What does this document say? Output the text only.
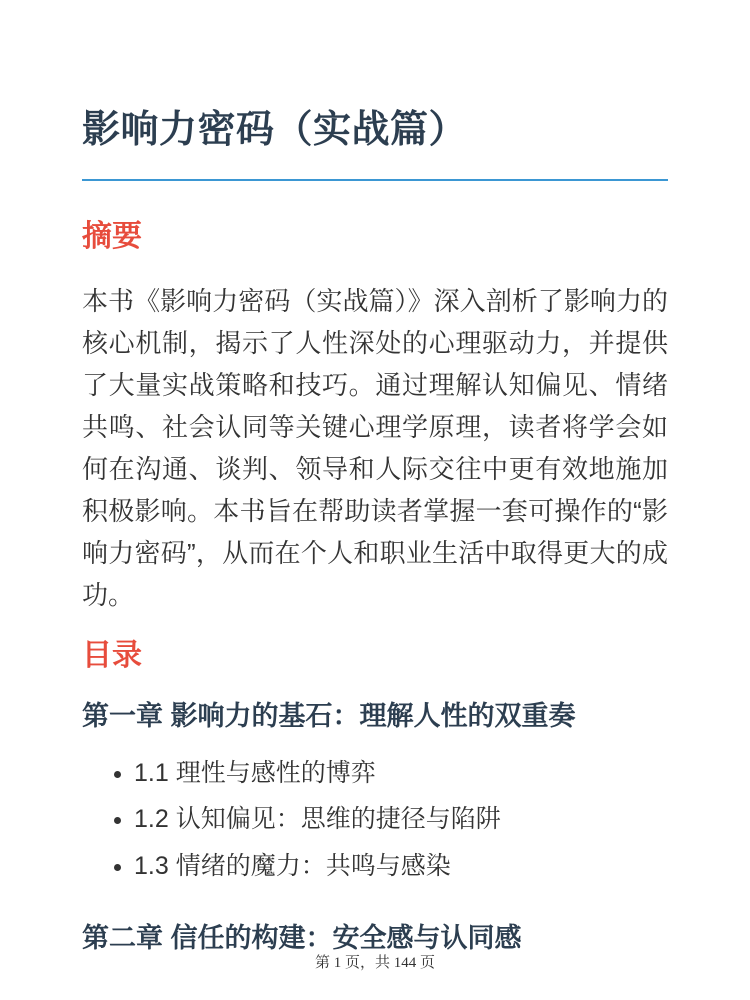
影响力密码（实战篇）
摘要

本书《影响力密码（实战篇）》深入剖析了影响力的核心机制，揭示了人性深处的心理驱动力，并提供了大量实战策略和技巧。通过理解认知偏见、情绪共鸣、社会认同等关键心理学原理，读者将学会如何在沟通、谈判、领导和人际交往中更有效地施加积极影响。本书旨在帮助读者掌握一套可操作的“影响力密码”，从而在个人和职业生活中取得更大的成功。

目录
第一章 影响力的基石：理解人性的双重奏
• 1.1 理性与感性的博弈
• 1.2 认知偏见：思维的捷径与陷阱
• 1.3 情绪的魔力：共鸣与感染
第二章 信任的构建：安全感与认同感
第 1 页，共 144 页
